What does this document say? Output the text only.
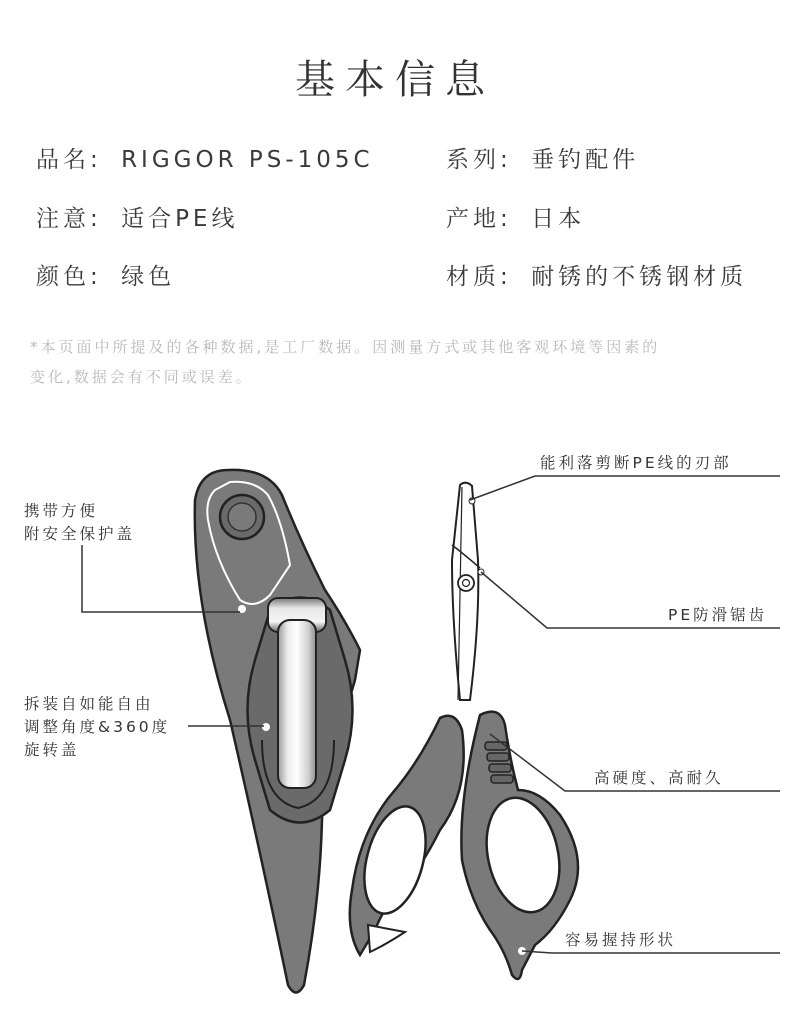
基本信息
品名: RIGGOR PS-105C	系列: 垂钓配件
注意: 适合PE线	产地: 日本
颜色: 绿色	材质: 耐锈的不锈钢材质
*本页面中所提及的各种数据,是工厂数据。因测量方式或其他客观环境等因素的
变化,数据会有不同或误差。
携带方便
附安全保护盖
拆装自如能自由
调整角度&360度
旋转盖
能利落剪断PE线的刃部
PE防滑锯齿
高硬度、高耐久
容易握持形状
